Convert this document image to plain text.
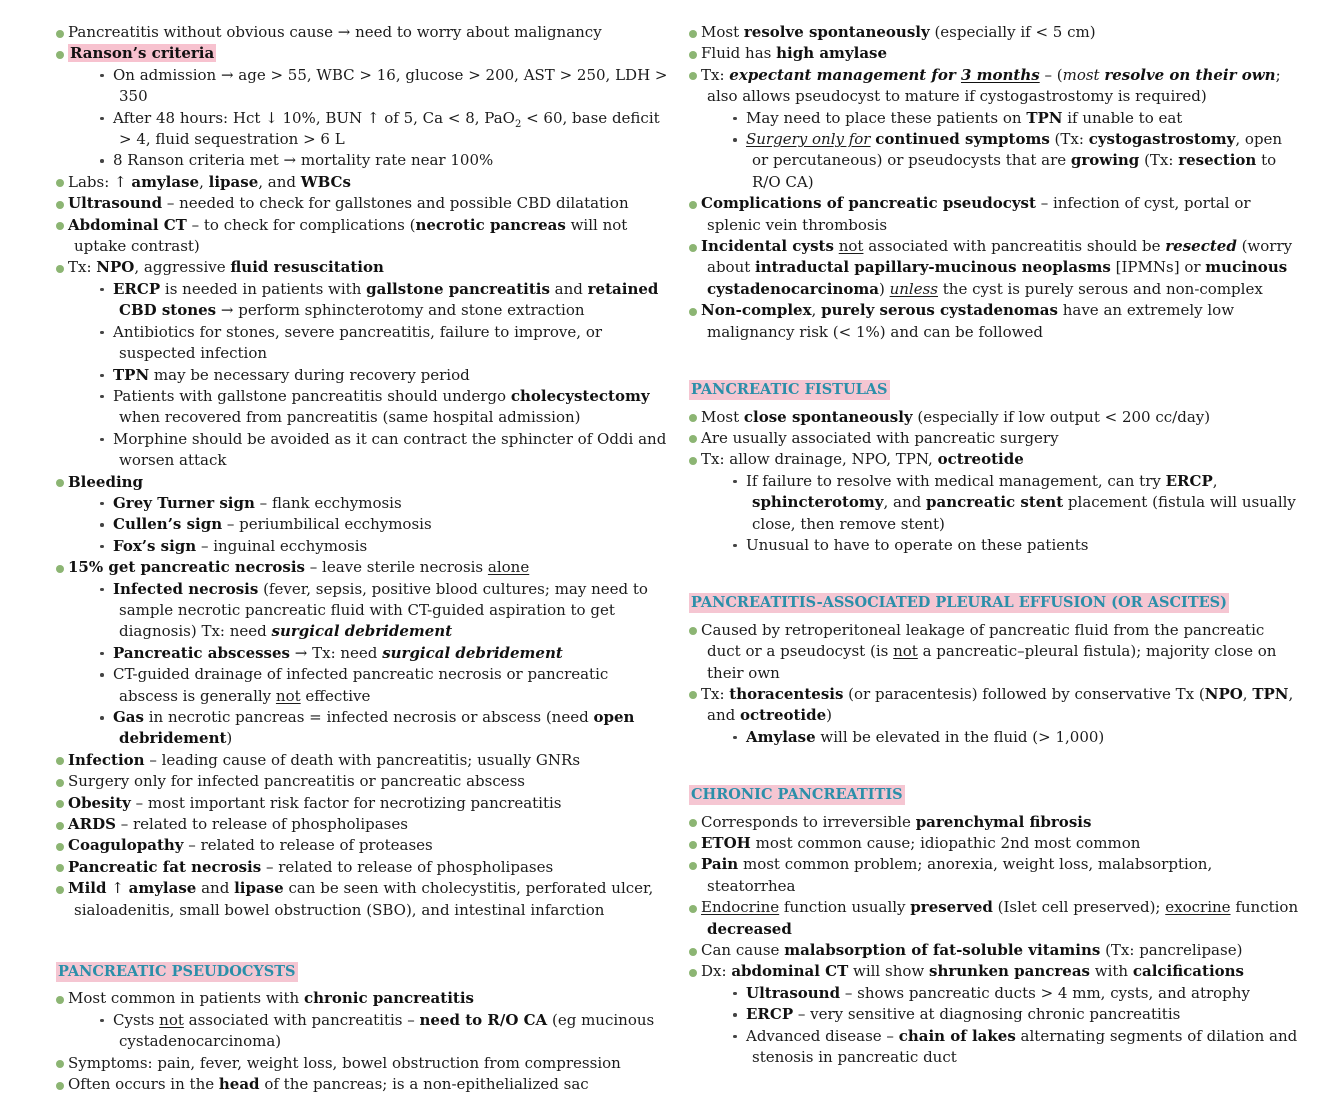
Pancreatitis without obvious cause → need to worry about malignancy
Ranson’s criteria
On admission → age > 55, WBC > 16, glucose > 200, AST > 250, LDH > 350
After 48 hours: Hct ↓ 10%, BUN ↑ of 5, Ca < 8, PaO$_2$ < 60, base deficit > 4, fluid sequestration > 6 L
8 Ranson criteria met → mortality rate near 100%
Labs: ↑ amylase, lipase, and WBCs
Ultrasound – needed to check for gallstones and possible CBD dilatation
Abdominal CT – to check for complications (necrotic pancreas will not uptake contrast)
Tx: NPO, aggressive fluid resuscitation
ERCP is needed in patients with gallstone pancreatitis and retained CBD stones → perform sphincterotomy and stone extraction
Antibiotics for stones, severe pancreatitis, failure to improve, or suspected infection
TPN may be necessary during recovery period
Patients with gallstone pancreatitis should undergo cholecystectomy when recovered from pancreatitis (same hospital admission)
Morphine should be avoided as it can contract the sphincter of Oddi and worsen attack
Bleeding
Grey Turner sign – flank ecchymosis
Cullen’s sign – periumbilical ecchymosis
Fox’s sign – inguinal ecchymosis
15% get pancreatic necrosis – leave sterile necrosis alone
Infected necrosis (fever, sepsis, positive blood cultures; may need to sample necrotic pancreatic fluid with CT-guided aspiration to get diagnosis) Tx: need surgical debridement
Pancreatic abscesses → Tx: need surgical debridement
CT-guided drainage of infected pancreatic necrosis or pancreatic abscess is generally not effective
Gas in necrotic pancreas = infected necrosis or abscess (need open debridement)
Infection – leading cause of death with pancreatitis; usually GNRs
Surgery only for infected pancreatitis or pancreatic abscess
Obesity – most important risk factor for necrotizing pancreatitis
ARDS – related to release of phospholipases
Coagulopathy – related to release of proteases
Pancreatic fat necrosis – related to release of phospholipases
Mild ↑ amylase and lipase can be seen with cholecystitis, perforated ulcer, sialoadenitis, small bowel obstruction (SBO), and intestinal infarction
PANCREATIC PSEUDOCYSTS
Most common in patients with chronic pancreatitis
Cysts not associated with pancreatitis – need to R/O CA (eg mucinous cystadenocarcinoma)
Symptoms: pain, fever, weight loss, bowel obstruction from compression
Often occurs in the head of the pancreas; is a non-epithelialized sac
Most resolve spontaneously (especially if < 5 cm)
Fluid has high amylase
Tx: expectant management for 3 months – (most resolve on their own; also allows pseudocyst to mature if cystogastrostomy is required)
May need to place these patients on TPN if unable to eat
Surgery only for continued symptoms (Tx: cystogastrostomy, open or percutaneous) or pseudocysts that are growing (Tx: resection to R/O CA)
Complications of pancreatic pseudocyst – infection of cyst, portal or splenic vein thrombosis
Incidental cysts not associated with pancreatitis should be resected (worry about intraductal papillary-mucinous neoplasms [IPMNs] or mucinous cystadenocarcinoma) unless the cyst is purely serous and non-complex
Non-complex, purely serous cystadenomas have an extremely low malignancy risk (< 1%) and can be followed
PANCREATIC FISTULAS
Most close spontaneously (especially if low output < 200 cc/day)
Are usually associated with pancreatic surgery
Tx: allow drainage, NPO, TPN, octreotide
If failure to resolve with medical management, can try ERCP, sphincterotomy, and pancreatic stent placement (fistula will usually close, then remove stent)
Unusual to have to operate on these patients
PANCREATITIS-ASSOCIATED PLEURAL EFFUSION (OR ASCITES)
Caused by retroperitoneal leakage of pancreatic fluid from the pancreatic duct or a pseudocyst (is not a pancreatic–pleural fistula); majority close on their own
Tx: thoracentesis (or paracentesis) followed by conservative Tx (NPO, TPN, and octreotide)
Amylase will be elevated in the fluid (> 1,000)
CHRONIC PANCREATITIS
Corresponds to irreversible parenchymal fibrosis
ETOH most common cause; idiopathic 2nd most common
Pain most common problem; anorexia, weight loss, malabsorption, steatorrhea
Endocrine function usually preserved (Islet cell preserved); exocrine function decreased
Can cause malabsorption of fat-soluble vitamins (Tx: pancrelipase)
Dx: abdominal CT will show shrunken pancreas with calcifications
Ultrasound – shows pancreatic ducts > 4 mm, cysts, and atrophy
ERCP – very sensitive at diagnosing chronic pancreatitis
Advanced disease – chain of lakes alternating segments of dilation and stenosis in pancreatic duct
